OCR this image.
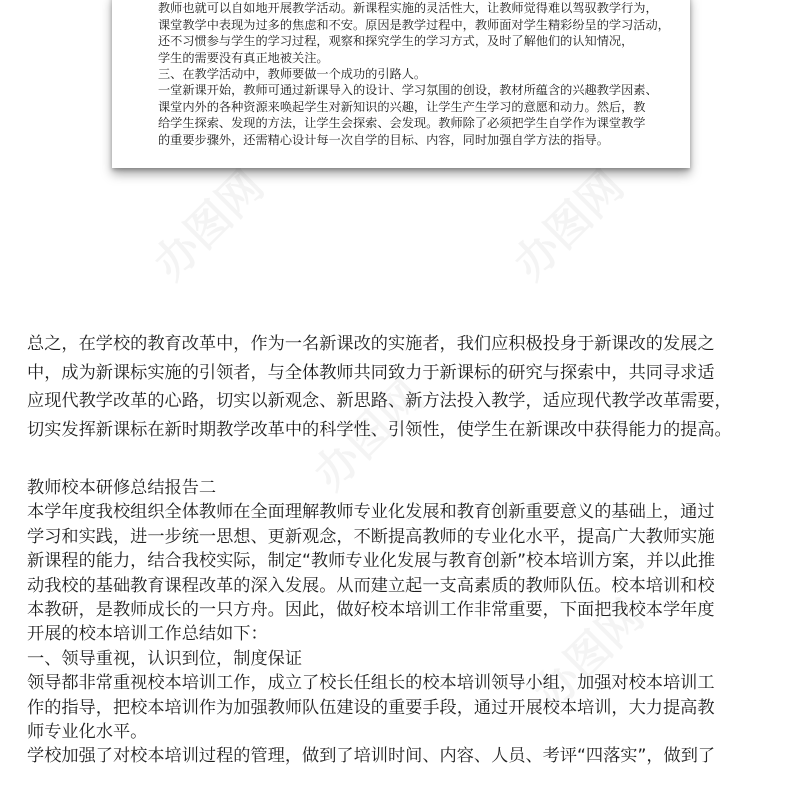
教师也就可以自如地开展教学活动。新课程实施的灵活性大，让教师觉得难以驾驭教学行为，
课堂教学中表现为过多的焦虑和不安。原因是教学过程中，教师面对学生精彩纷呈的学习活动，
还不习惯参与学生的学习过程，观察和探究学生的学习方式，及时了解他们的认知情况，
学生的需要没有真正地被关注。
三、在教学活动中，教师要做一个成功的引路人。
一堂新课开始，教师可通过新课导入的设计、学习氛围的创设，教材所蕴含的兴趣教学因素、
课堂内外的各种资源来唤起学生对新知识的兴趣，让学生产生学习的意愿和动力。然后，教
给学生探索、发现的方法，让学生会探索、会发现。教师除了必须把学生自学作为课堂教学
的重要步骤外，还需精心设计每一次自学的目标、内容，同时加强自学方法的指导。
总之，在学校的教育改革中，作为一名新课改的实施者，我们应积极投身于新课改的发展之
中，成为新课标实施的引领者，与全体教师共同致力于新课标的研究与探索中，共同寻求适
应现代教学改革的心路，切实以新观念、新思路、新方法投入教学，适应现代教学改革需要，
切实发挥新课标在新时期教学改革中的科学性、引领性，使学生在新课改中获得能力的提高。
教师校本研修总结报告二
本学年度我校组织全体教师在全面理解教师专业化发展和教育创新重要意义的基础上，通过
学习和实践，进一步统一思想、更新观念，不断提高教师的专业化水平，提高广大教师实施
新课程的能力，结合我校实际，制定“教师专业化发展与教育创新”校本培训方案，并以此推
动我校的基础教育课程改革的深入发展。从而建立起一支高素质的教师队伍。校本培训和校
本教研，是教师成长的一只方舟。因此，做好校本培训工作非常重要，下面把我校本学年度
开展的校本培训工作总结如下：
一、领导重视，认识到位，制度保证
领导都非常重视校本培训工作，成立了校长任组长的校本培训领导小组，加强对校本培训工
作的指导，把校本培训作为加强教师队伍建设的重要手段，通过开展校本培训，大力提高教
师专业化水平。
学校加强了对校本培训过程的管理，做到了培训时间、内容、人员、考评“四落实”，做到了
